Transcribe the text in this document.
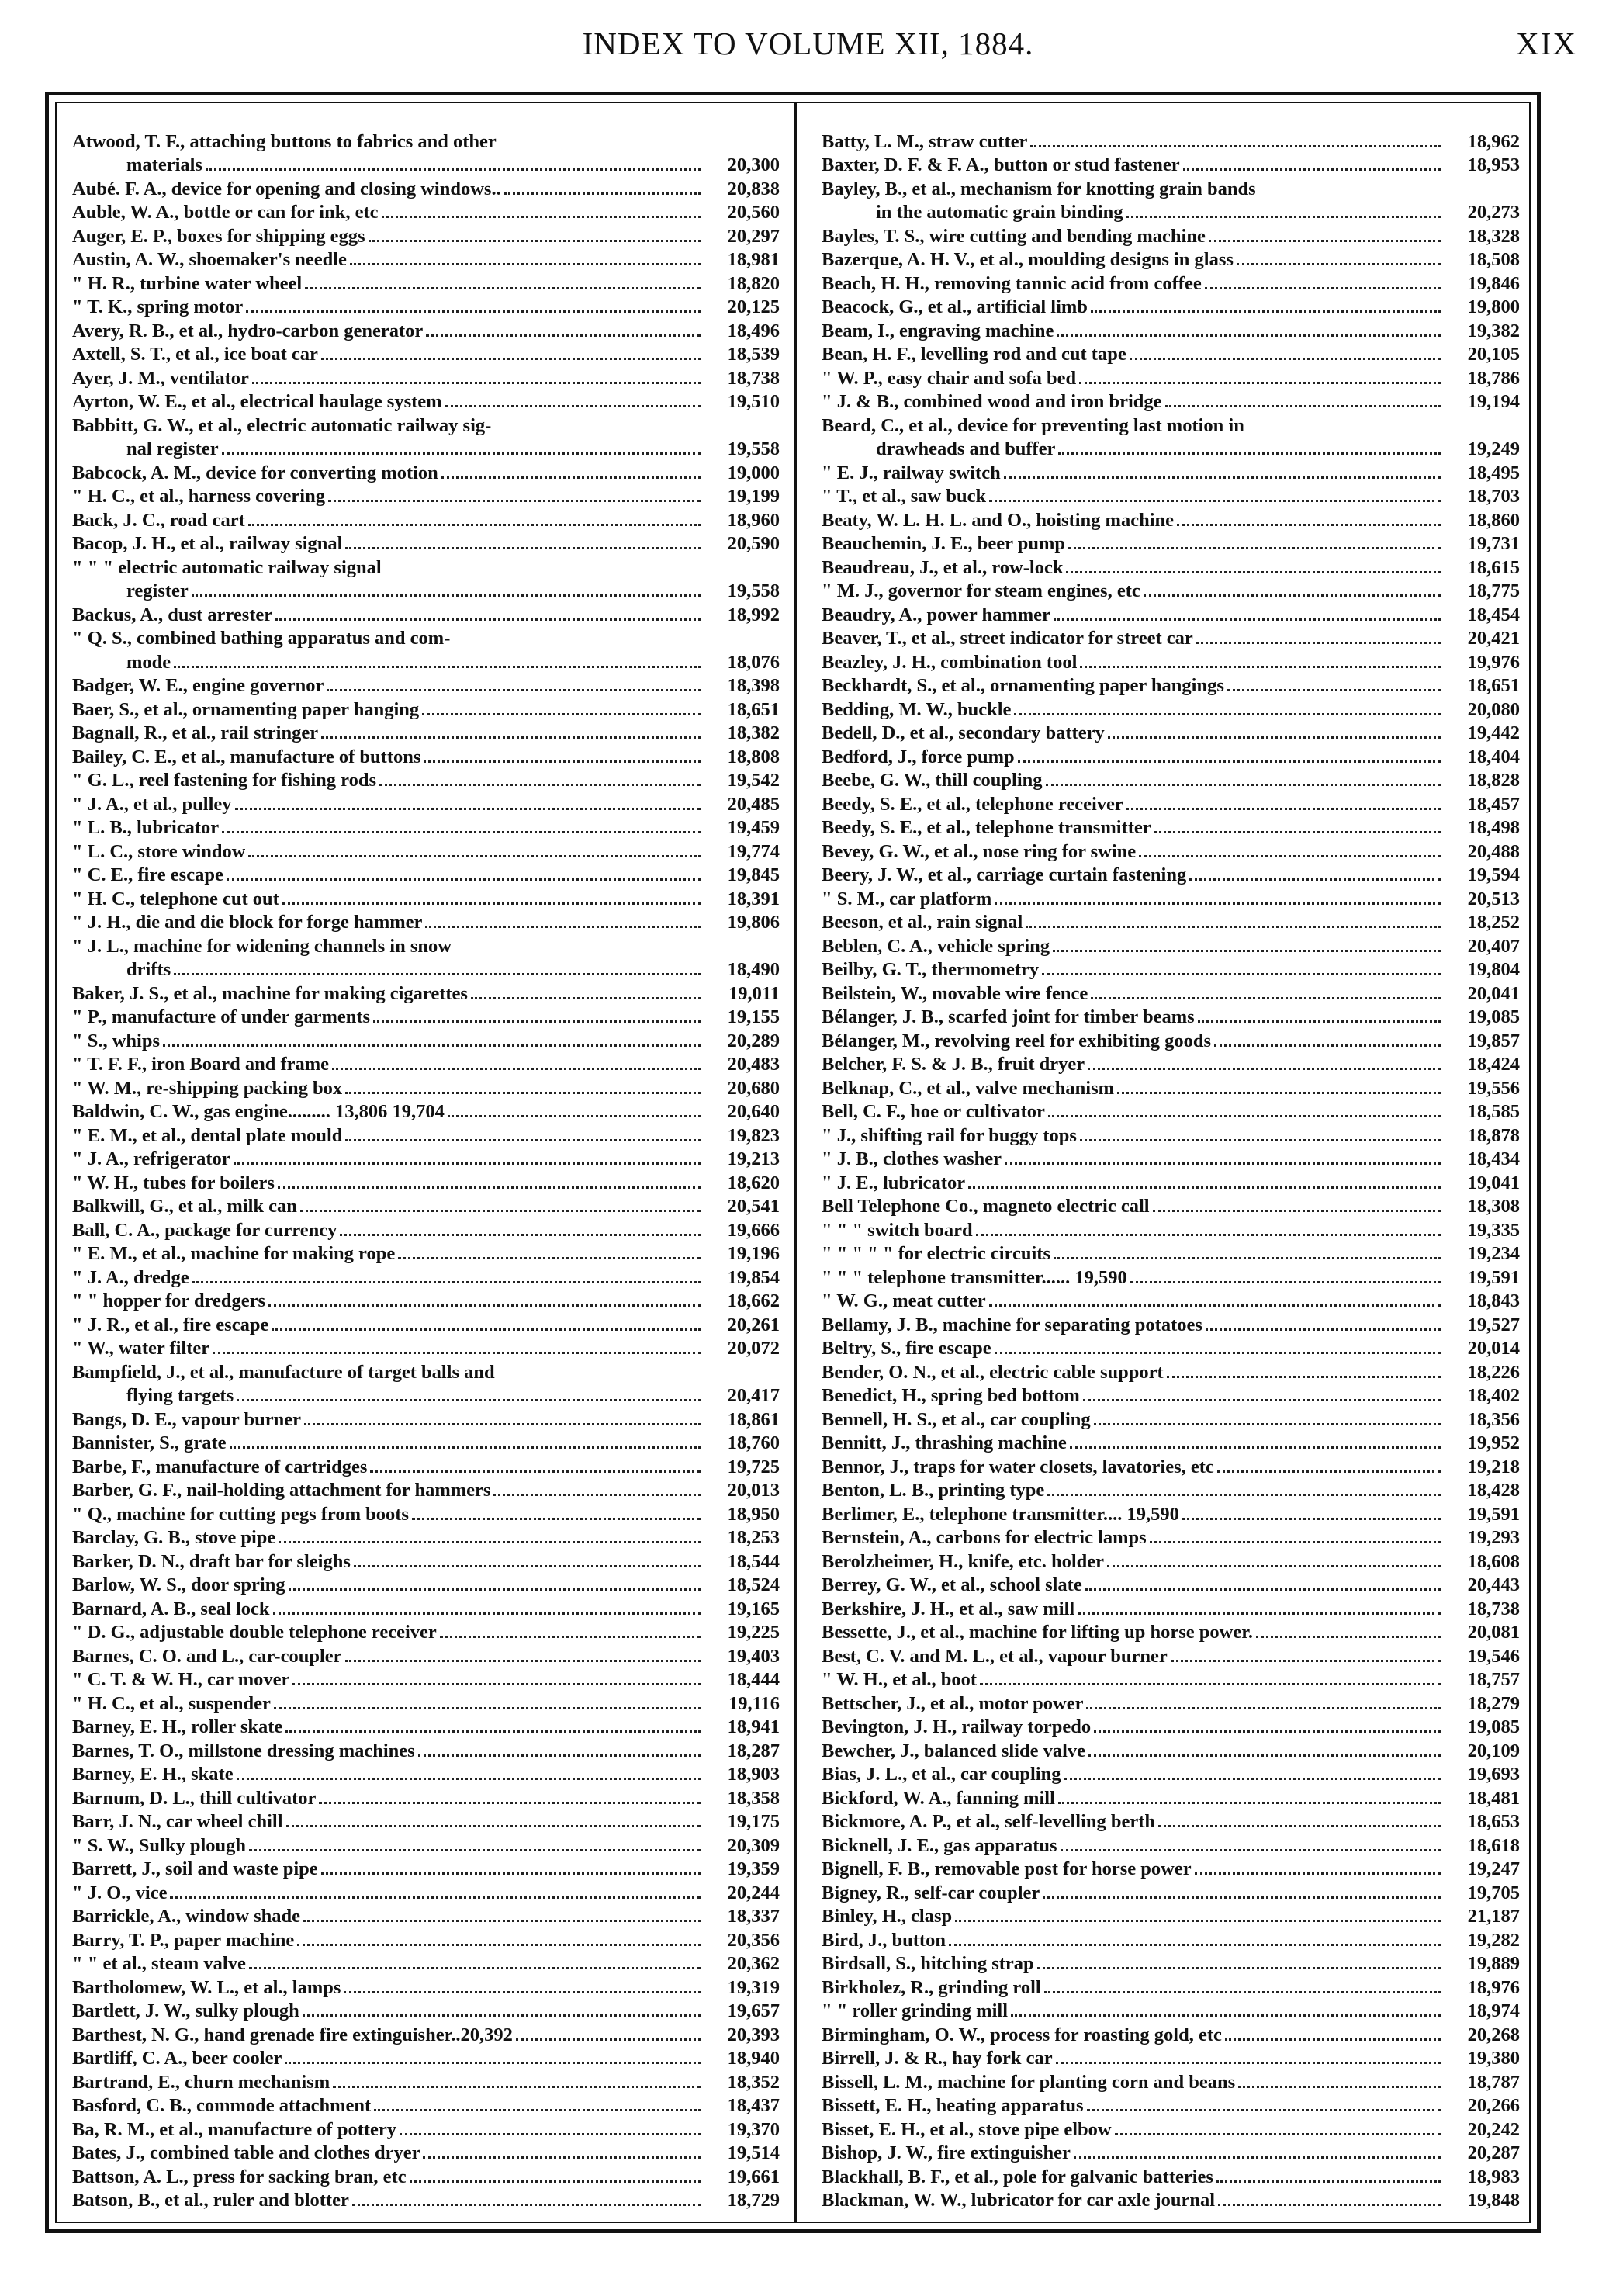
INDEX TO VOLUME XII, 1884.	XIX
Atwood, T. F., attaching buttons to fabrics and other
materials	20,300
Aubé. F. A., device for opening and closing windows..	20,838
Auble, W. A., bottle or can for ink, etc	20,560
Auger, E. P., boxes for shipping eggs	20,297
Austin, A. W., shoemaker's needle	18,981
" H. R., turbine water wheel	18,820
" T. K., spring motor	20,125
Avery, R. B., et al., hydro-carbon generator	18,496
Axtell, S. T., et al., ice boat car	18,539
Ayer, J. M., ventilator	18,738
Ayrton, W. E., et al., electrical haulage system	19,510
Babbitt, G. W., et al., electric automatic railway sig-
nal register	19,558
Babcock, A. M., device for converting motion	19,000
" H. C., et al., harness covering	19,199
Back, J. C., road cart	18,960
Bacop, J. H., et al., railway signal	20,590
" " " electric automatic railway signal
register	19,558
Backus, A., dust arrester	18,992
" Q. S., combined bathing apparatus and com-
mode	18,076
Badger, W. E., engine governor	18,398
Baer, S., et al., ornamenting paper hanging	18,651
Bagnall, R., et al., rail stringer	18,382
Bailey, C. E., et al., manufacture of buttons	18,808
" G. L., reel fastening for fishing rods	19,542
" J. A., et al., pulley	20,485
" L. B., lubricator	19,459
" L. C., store window	19,774
" C. E., fire escape	19,845
" H. C., telephone cut out	18,391
" J. H., die and die block for forge hammer	19,806
" J. L., machine for widening channels in snow
drifts	18,490
Baker, J. S., et al., machine for making cigarettes	19,011
" P., manufacture of under garments	19,155
" S., whips	20,289
" T. F. F., iron Board and frame	20,483
" W. M., re-shipping packing box	20,680
Baldwin, C. W., gas engine......... 13,806 19,704	20,640
" E. M., et al., dental plate mould	19,823
" J. A., refrigerator	19,213
" W. H., tubes for boilers	18,620
Balkwill, G., et al., milk can	20,541
Ball, C. A., package for currency	19,666
" E. M., et al., machine for making rope	19,196
" J. A., dredge	19,854
" " hopper for dredgers	18,662
" J. R., et al., fire escape	20,261
" W., water filter	20,072
Bampfield, J., et al., manufacture of target balls and
flying targets	20,417
Bangs, D. E., vapour burner	18,861
Bannister, S., grate	18,760
Barbe, F., manufacture of cartridges	19,725
Barber, G. F., nail-holding attachment for hammers	20,013
" Q., machine for cutting pegs from boots	18,950
Barclay, G. B., stove pipe	18,253
Barker, D. N., draft bar for sleighs	18,544
Barlow, W. S., door spring	18,524
Barnard, A. B., seal lock	19,165
" D. G., adjustable double telephone receiver	19,225
Barnes, C. O. and L., car-coupler	19,403
" C. T. & W. H., car mover	18,444
" H. C., et al., suspender	19,116
Barney, E. H., roller skate	18,941
Barnes, T. O., millstone dressing machines	18,287
Barney, E. H., skate	18,903
Barnum, D. L., thill cultivator	18,358
Barr, J. N., car wheel chill	19,175
" S. W., Sulky plough	20,309
Barrett, J., soil and waste pipe	19,359
" J. O., vice	20,244
Barrickle, A., window shade	18,337
Barry, T. P., paper machine	20,356
" " et al., steam valve	20,362
Bartholomew, W. L., et al., lamps	19,319
Bartlett, J. W., sulky plough	19,657
Barthest, N. G., hand grenade fire extinguisher..20,392	20,393
Bartliff, C. A., beer cooler	18,940
Bartrand, E., churn mechanism	18,352
Basford, C. B., commode attachment	18,437
Ba, R. M., et al., manufacture of pottery	19,370
Bates, J., combined table and clothes dryer	19,514
Battson, A. L., press for sacking bran, etc	19,661
Batson, B., et al., ruler and blotter	18,729
Batty, L. M., straw cutter	18,962
Baxter, D. F. & F. A., button or stud fastener	18,953
Bayley, B., et al., mechanism for knotting grain bands
in the automatic grain binding	20,273
Bayles, T. S., wire cutting and bending machine	18,328
Bazerque, A. H. V., et al., moulding designs in glass	18,508
Beach, H. H., removing tannic acid from coffee	19,846
Beacock, G., et al., artificial limb	19,800
Beam, I., engraving machine	19,382
Bean, H. F., levelling rod and cut tape	20,105
" W. P., easy chair and sofa bed	18,786
" J. & B., combined wood and iron bridge	19,194
Beard, C., et al., device for preventing last motion in
drawheads and buffer	19,249
" E. J., railway switch	18,495
" T., et al., saw buck	18,703
Beaty, W. L. H. L. and O., hoisting machine	18,860
Beauchemin, J. E., beer pump	19,731
Beaudreau, J., et al., row-lock	18,615
" M. J., governor for steam engines, etc	18,775
Beaudry, A., power hammer	18,454
Beaver, T., et al., street indicator for street car	20,421
Beazley, J. H., combination tool	19,976
Beckhardt, S., et al., ornamenting paper hangings	18,651
Bedding, M. W., buckle	20,080
Bedell, D., et al., secondary battery	19,442
Bedford, J., force pump	18,404
Beebe, G. W., thill coupling	18,828
Beedy, S. E., et al., telephone receiver	18,457
Beedy, S. E., et al., telephone transmitter	18,498
Bevey, G. W., et al., nose ring for swine	20,488
Beery, J. W., et al., carriage curtain fastening	19,594
" S. M., car platform	20,513
Beeson, et al., rain signal	18,252
Beblen, C. A., vehicle spring	20,407
Beilby, G. T., thermometry	19,804
Beilstein, W., movable wire fence	20,041
Bélanger, J. B., scarfed joint for timber beams	19,085
Bélanger, M., revolving reel for exhibiting goods	19,857
Belcher, F. S. & J. B., fruit dryer	18,424
Belknap, C., et al., valve mechanism	19,556
Bell, C. F., hoe or cultivator	18,585
" J., shifting rail for buggy tops	18,878
" J. B., clothes washer	18,434
" J. E., lubricator	19,041
Bell Telephone Co., magneto electric call	18,308
" " " switch board	19,335
" " " " " for electric circuits	19,234
" " " telephone transmitter...... 19,590	19,591
" W. G., meat cutter	18,843
Bellamy, J. B., machine for separating potatoes	19,527
Beltry, S., fire escape	20,014
Bender, O. N., et al., electric cable support	18,226
Benedict, H., spring bed bottom	18,402
Bennell, H. S., et al., car coupling	18,356
Bennitt, J., thrashing machine	19,952
Bennor, J., traps for water closets, lavatories, etc	19,218
Benton, L. B., printing type	18,428
Berlimer, E., telephone transmitter.... 19,590	19,591
Bernstein, A., carbons for electric lamps	19,293
Berolzheimer, H., knife, etc. holder	18,608
Berrey, G. W., et al., school slate	20,443
Berkshire, J. H., et al., saw mill	18,738
Bessette, J., et al., machine for lifting up horse power.	20,081
Best, C. V. and M. L., et al., vapour burner	19,546
" W. H., et al., boot	18,757
Bettscher, J., et al., motor power	18,279
Bevington, J. H., railway torpedo	19,085
Bewcher, J., balanced slide valve	20,109
Bias, J. L., et al., car coupling	19,693
Bickford, W. A., fanning mill	18,481
Bickmore, A. P., et al., self-levelling berth	18,653
Bicknell, J. E., gas apparatus	18,618
Bignell, F. B., removable post for horse power	19,247
Bigney, R., self-car coupler	19,705
Binley, H., clasp	21,187
Bird, J., button	19,282
Birdsall, S., hitching strap	19,889
Birkholez, R., grinding roll	18,976
" " roller grinding mill	18,974
Birmingham, O. W., process for roasting gold, etc	20,268
Birrell, J. & R., hay fork car	19,380
Bissell, L. M., machine for planting corn and beans	18,787
Bissett, E. H., heating apparatus	20,266
Bisset, E. H., et al., stove pipe elbow	20,242
Bishop, J. W., fire extinguisher	20,287
Blackhall, B. F., et al., pole for galvanic batteries	18,983
Blackman, W. W., lubricator for car axle journal	19,848
